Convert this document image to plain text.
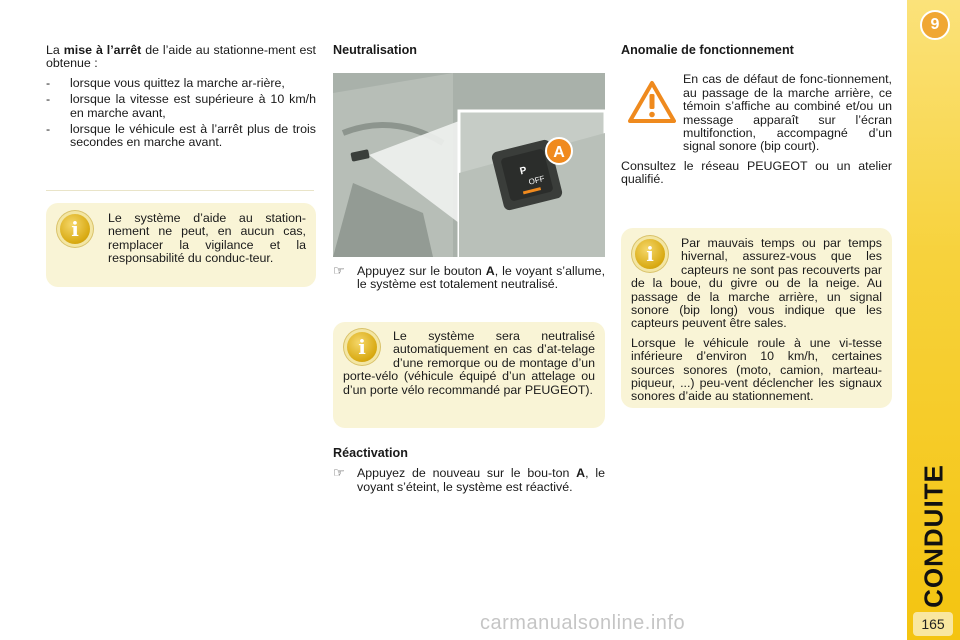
La mise à l’arrêt de l’aide au stationne-ment est obtenue :

- lorsque vous quittez la marche ar-rière,
- lorsque la vitesse est supérieure à 10 km/h en marche avant,
- lorsque le véhicule est à l’arrêt plus de trois secondes en marche avant.
i	Le système d’aide au station-nement ne peut, en aucun cas, remplacer la vigilance et la responsabilité du conduc-teur.
Neutralisation
P
OFF
A
☞ Appuyez sur le bouton A, le voyant s’allume, le système est totalement neutralisé.
i	Le système sera neutralisé automatiquement en cas d’at-telage d’une remorque ou de montage d’un porte-vélo (véhicule équipé d’un attelage ou d’un porte vélo recommandé par PEUGEOT).
Réactivation
☞ Appuyez de nouveau sur le bou-ton A, le voyant s’éteint, le système est réactivé.
Anomalie de fonctionnement

En cas de défaut de fonc-tionnement, au passage de la marche arrière, ce témoin s’affiche au combiné et/ou un message apparaît sur l’écran multifonction, accompagné d’un signal sonore (bip court).

Consultez le réseau PEUGEOT ou un atelier qualifié.

i	Par mauvais temps ou par temps hivernal, assurez-vous que les capteurs ne sont pas recouverts par de la boue, du givre ou de la neige. Au passage de la marche arrière, un signal sonore (bip long) vous indique que les capteurs peuvent être sales.

Lorsque le véhicule roule à une vi-tesse inférieure d’environ 10 km/h, certaines sources sonores (moto, camion, marteau-piqueur, ...) peu-vent déclencher les signaux sonores d’aide au stationnement.

9
CONDUITE
165
carmanualsonline.info
